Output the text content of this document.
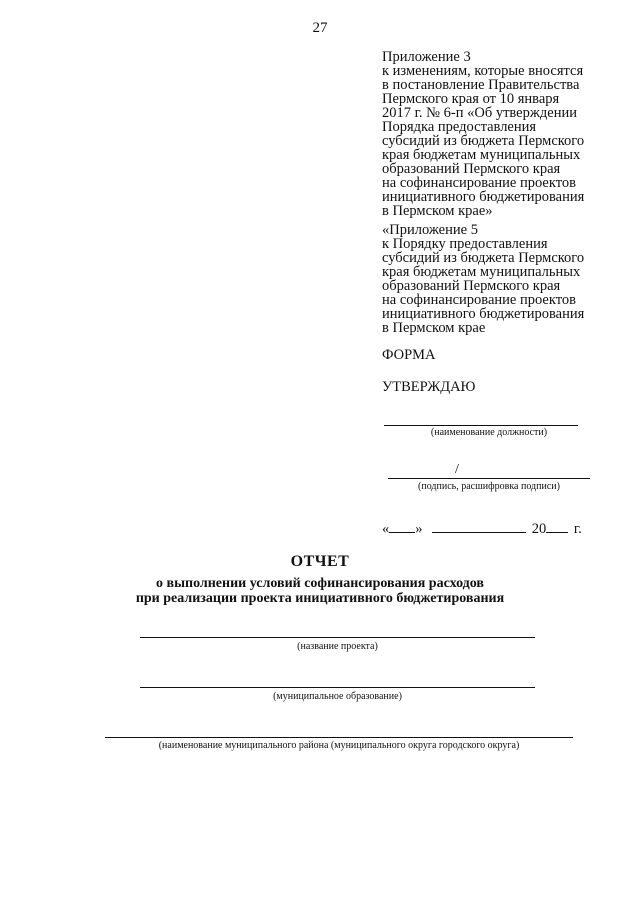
27
Приложение 3
к изменениям, которые вносятся
в постановление Правительства
Пермского края от 10 января
2017 г. № 6-п «Об утверждении
Порядка предоставления
субсидий из бюджета Пермского
края бюджетам муниципальных
образований Пермского края
на софинансирование проектов
инициативного бюджетирования
в Пермском крае»
«Приложение 5
к Порядку предоставления
субсидий из бюджета Пермского
края бюджетам муниципальных
образований Пермского края
на софинансирование проектов
инициативного бюджетирования
в Пермском крае
ФОРМА
УТВЕРЖДАЮ
(наименование должности)
/
(подпись, расшифровка подписи)
« »	20 г.
ОТЧЕТ
о выполнении условий софинансирования расходов
при реализации проекта инициативного бюджетирования
(название проекта)
(муниципальное образование)
(наименование муниципального района (муниципального округа городского округа)
